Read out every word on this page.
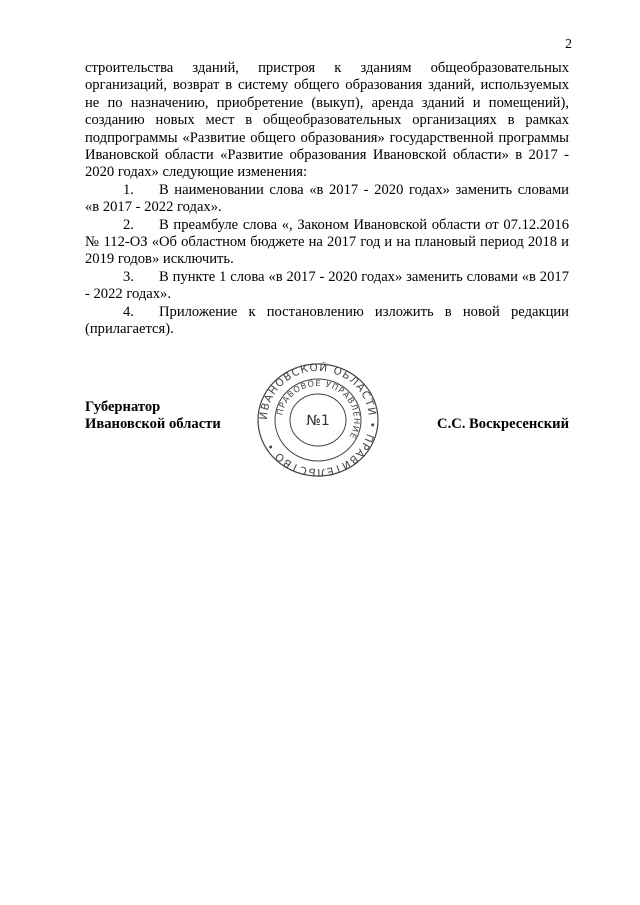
2

строительства зданий, пристроя к зданиям общеобразовательных организаций, возврат в систему общего образования зданий, используемых не по назначению, приобретение (выкуп), аренда зданий и помещений), созданию новых мест в общеобразовательных организациях в рамках подпрограммы «Развитие общего образования» государственной программы Ивановской области «Развитие образования Ивановской области» в 2017 - 2020 годах» следующие изменения:

1. В наименовании слова «в 2017 - 2020 годах» заменить словами «в 2017 - 2022 годах».

2. В преамбуле слова «, Законом Ивановской области от 07.12.2016 № 112-ОЗ «Об областном бюджете на 2017 год и на плановый период 2018 и 2019 годов» исключить.

3. В пункте 1 слова «в 2017 - 2020 годах» заменить словами «в 2017 - 2022 годах».

4. Приложение к постановлению изложить в новой редакции (прилагается).

Губернатор
Ивановской области	С.С. Воскресенский
ИВАНОВСКОЙ ОБЛАСТИ • ПРАВИТЕЛЬСТВО •
ПРАВОВОЕ УПРАВЛЕНИЕ
№1
